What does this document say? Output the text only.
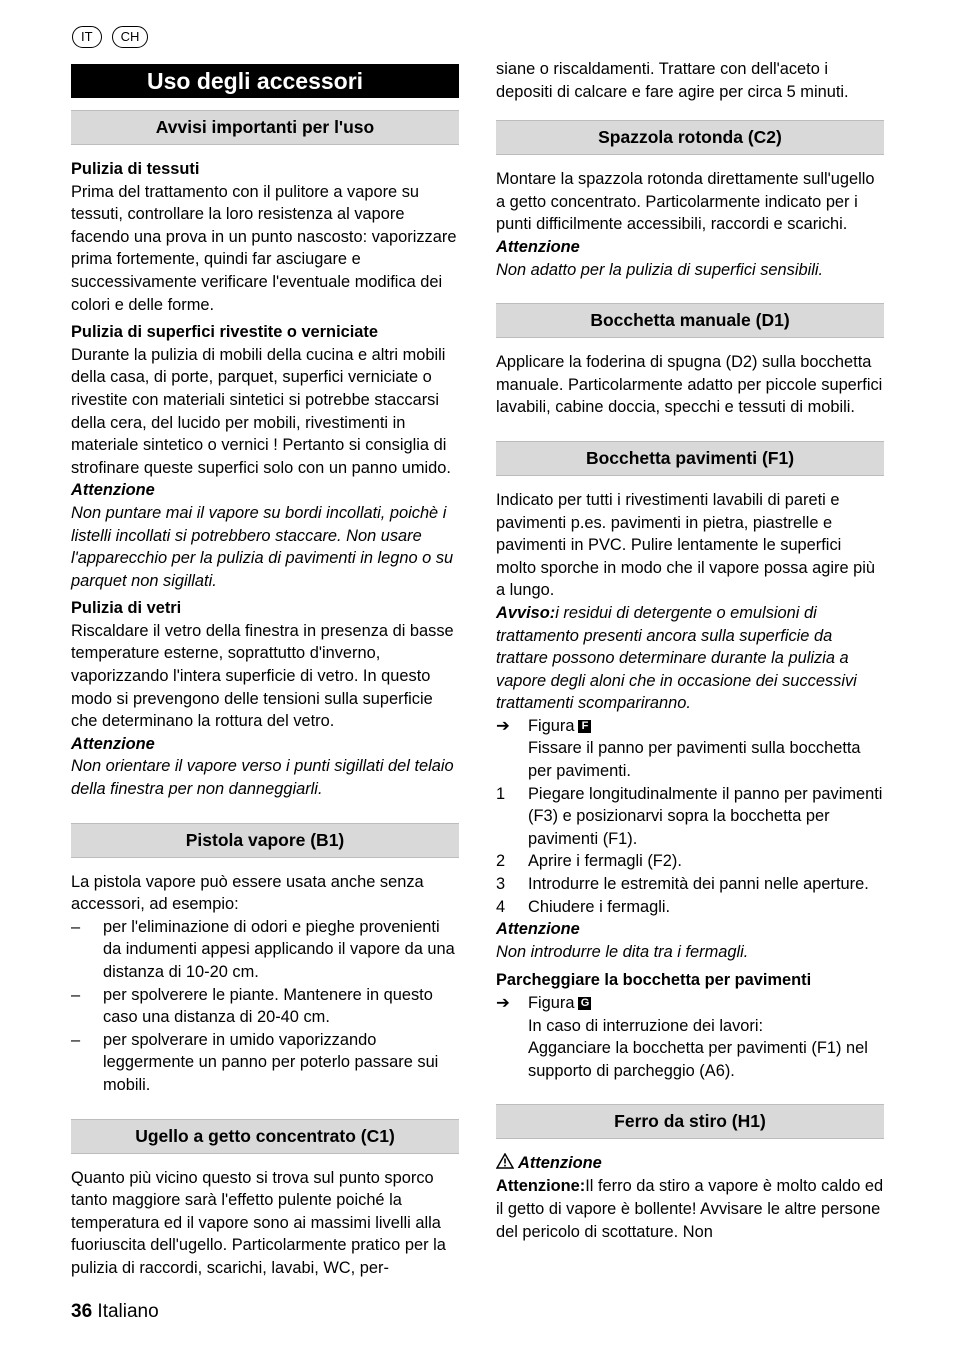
IT	CH
Uso degli accessori
Avvisi importanti per l'uso

Pulizia di tessuti

Prima del trattamento con il pulitore a vapore su tessuti, controllare la loro resistenza al vapore facendo una prova in un punto nascosto: vaporizzare prima fortemente, quindi far asciugare e successivamente verificare l'eventuale modifica dei colori e delle forme.

Pulizia di superfici rivestite o verniciate

Durante la pulizia di mobili della cucina e altri mobili della casa, di porte, parquet, superfici verniciate o rivestite con materiali sintetici si potrebbe staccarsi della cera, del lucido per mobili, rivestimenti in materiale sintetico o vernici ! Pertanto si consiglia di strofinare queste superfici solo con un panno umido.

Attenzione

Non puntare mai il vapore su bordi incollati, poichè i listelli incollati si potrebbero staccare. Non usare l'apparecchio per la pulizia di pavimenti in legno o su parquet non sigillati.

Pulizia di vetri

Riscaldare il vetro della finestra in presenza di basse temperature esterne, soprattutto d'inverno, vaporizzando l'intera superficie di vetro. In questo modo si prevengono delle tensioni sulla superficie che determinano la rottura del vetro.

Attenzione

Non orientare il vapore verso i punti sigillati del telaio della finestra per non danneggiarli.

Pistola vapore (B1)

La pistola vapore può essere usata anche senza accessori, ad esempio:

–	per l'eliminazione di odori e pieghe provenienti da indumenti appesi applicando il vapore da una distanza di 10-20 cm.
–	per spolverere le piante. Mantenere in questo caso una distanza di 20-40 cm.
–	per spolverare in umido vaporizzando leggermente un panno per poterlo passare sui mobili.
Ugello a getto concentrato (C1)

Quanto più vicino questo si trova sul punto sporco tanto maggiore sarà l'effetto pulente poiché la temperatura ed il vapore sono ai massimi livelli alla fuoriuscita dell'ugello. Particolarmente pratico per la pulizia di raccordi, scarichi, lavabi, WC, per-

siane o riscaldamenti. Trattare con dell'aceto i depositi di calcare e fare agire per circa 5 minuti.

Spazzola rotonda (C2)

Montare la spazzola rotonda direttamente sull'ugello a getto concentrato. Particolarmente indicato per i punti difficilmente accessibili, raccordi e scarichi.

Attenzione

Non adatto per la pulizia di superfici sensibili.

Bocchetta manuale (D1)

Applicare la foderina di spugna (D2) sulla bocchetta manuale. Particolarmente adatto per piccole superfici lavabili, cabine doccia, specchi e tessuti di mobili.

Bocchetta pavimenti (F1)

Indicato per tutti i rivestimenti lavabili di pareti e pavimenti p.es. pavimenti in pietra, piastrelle e pavimenti in PVC. Pulire lentamente le superfici molto sporche in modo che il vapore possa agire più a lungo.

Avviso:i residui di detergente o emulsioni di trattamento presenti ancora sulla superficie da trattare possono determinare durante la pulizia a vapore degli aloni che in occasione dei successivi trattamenti scompariranno.

➔	Figura F

Fissare il panno per pavimenti sulla bocchetta per pavimenti.

1	Piegare longitudinalmente il panno per pavimenti (F3) e posizionarvi sopra la bocchetta per pavimenti (F1).
2	Aprire i fermagli (F2).
3	Introdurre le estremità dei panni nelle aperture.
4	Chiudere i fermagli.

Attenzione

Non introdurre le dita tra i fermagli.

Parcheggiare la bocchetta per pavimenti

➔	Figura G

In caso di interruzione dei lavori:

Agganciare la bocchetta per pavimenti (F1) nel supporto di parcheggio (A6).

Ferro da stiro (H1)

Attenzione

Attenzione:Il ferro da stiro a vapore è molto caldo ed il getto di vapore è bollente! Avvisare le altre persone del pericolo di scottature. Non

36 Italiano
